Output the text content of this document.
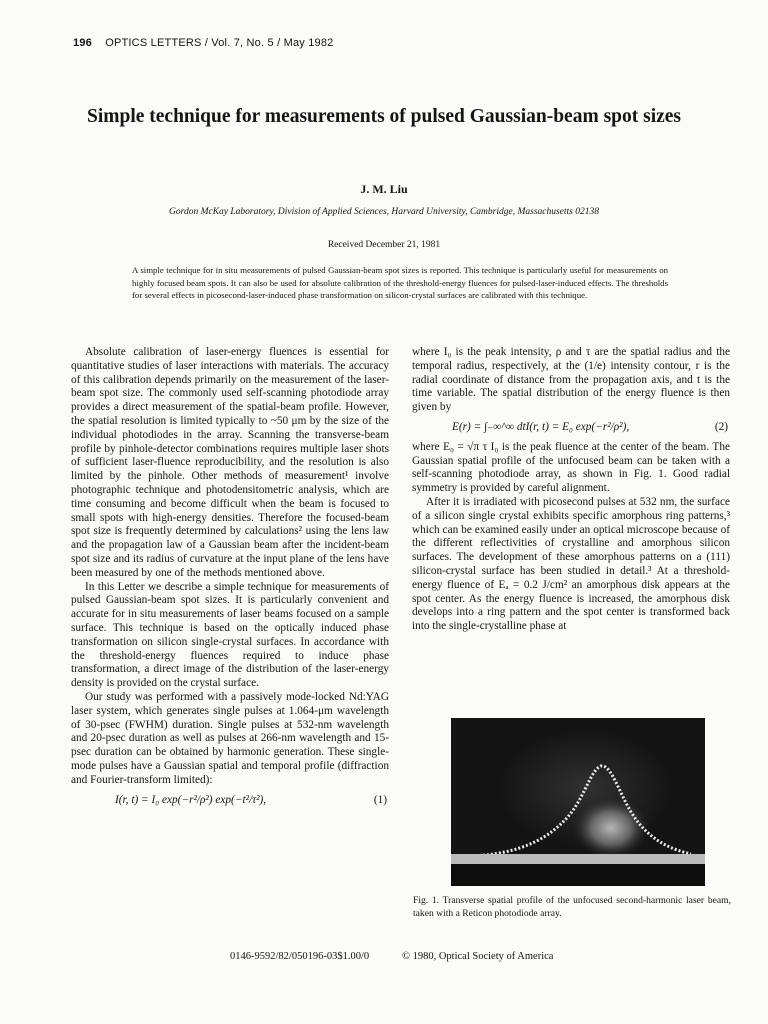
196 OPTICS LETTERS / Vol. 7, No. 5 / May 1982
Simple technique for measurements of pulsed Gaussian-beam spot sizes
J. M. Liu
Gordon McKay Laboratory, Division of Applied Sciences, Harvard University, Cambridge, Massachusetts 02138
Received December 21, 1981
A simple technique for in situ measurements of pulsed Gaussian-beam spot sizes is reported. This technique is particularly useful for measurements on highly focused beam spots. It can also be used for absolute calibration of the threshold-energy fluences for pulsed-laser-induced effects. The thresholds for several effects in picosecond-laser-induced phase transformation on silicon-crystal surfaces are calibrated with this technique.

Absolute calibration of laser-energy fluences is essential for quantitative studies of laser interactions with materials. The accuracy of this calibration depends primarily on the measurement of the laser-beam spot size. The commonly used self-scanning photodiode array provides a direct measurement of the spatial-beam profile. However, the spatial resolution is limited typically to ~50 μm by the size of the individual photodiodes in the array. Scanning the transverse-beam profile by pinhole-detector combinations requires multiple laser shots of sufficient laser-fluence reproducibility, and the resolution is also limited by the pinhole. Other methods of measurement¹ involve photographic technique and photodensitometric analysis, which are time consuming and become difficult when the beam is focused to small spots with high-energy densities. Therefore the focused-beam spot size is frequently determined by calculations² using the lens law and the propagation law of a Gaussian beam after the incident-beam spot size and its radius of curvature at the input plane of the lens have been measured by one of the methods mentioned above.

In this Letter we describe a simple technique for measurements of pulsed Gaussian-beam spot sizes. It is particularly convenient and accurate for in situ measurements of laser beams focused on a sample surface. This technique is based on the optically induced phase transformation on silicon single-crystal surfaces. In accordance with the threshold-energy fluences required to induce phase transformation, a direct image of the distribution of the laser-energy density is provided on the crystal surface.

Our study was performed with a passively mode-locked Nd:YAG laser system, which generates single pulses at 1.064-μm wavelength of 30-psec (FWHM) duration. Single pulses at 532-nm wavelength and 20-psec duration as well as pulses at 266-nm wavelength and 15-psec duration can be obtained by harmonic generation. These single-mode pulses have a Gaussian spatial and temporal profile (diffraction and Fourier-transform limited):

I(r, t) = I₀ exp(−r²/ρ²) exp(−t²/τ²),	(1)

where I₀ is the peak intensity, ρ and τ are the spatial radius and the temporal radius, respectively, at the (1/e) intensity contour, r is the radial coordinate of distance from the propagation axis, and t is the time variable. The spatial distribution of the energy fluence is then given by

E(r) = ∫₋∞^∞ dtI(r, t) = E₀ exp(−r²/ρ²),	(2)

where E₀ = √π τ I₀ is the peak fluence at the center of the beam. The Gaussian spatial profile of the unfocused beam can be taken with a self-scanning photodiode array, as shown in Fig. 1. Good radial symmetry is provided by careful alignment.

After it is irradiated with picosecond pulses at 532 nm, the surface of a silicon single crystal exhibits specific amorphous ring patterns,³ which can be examined easily under an optical microscope because of the different reflectivities of crystalline and amorphous silicon surfaces. The development of these amorphous patterns on a (111) silicon-crystal surface has been studied in detail.³ At a threshold-energy fluence of Eₐ = 0.2 J/cm² an amorphous disk appears at the spot center. As the energy fluence is increased, the amorphous disk develops into a ring pattern and the spot center is transformed back into the single-crystalline phase at

Fig. 1. Transverse spatial profile of the unfocused second-harmonic laser beam, taken with a Reticon photodiode array.
0146-9592/82/050196-03$1.00/0	© 1980, Optical Society of America
